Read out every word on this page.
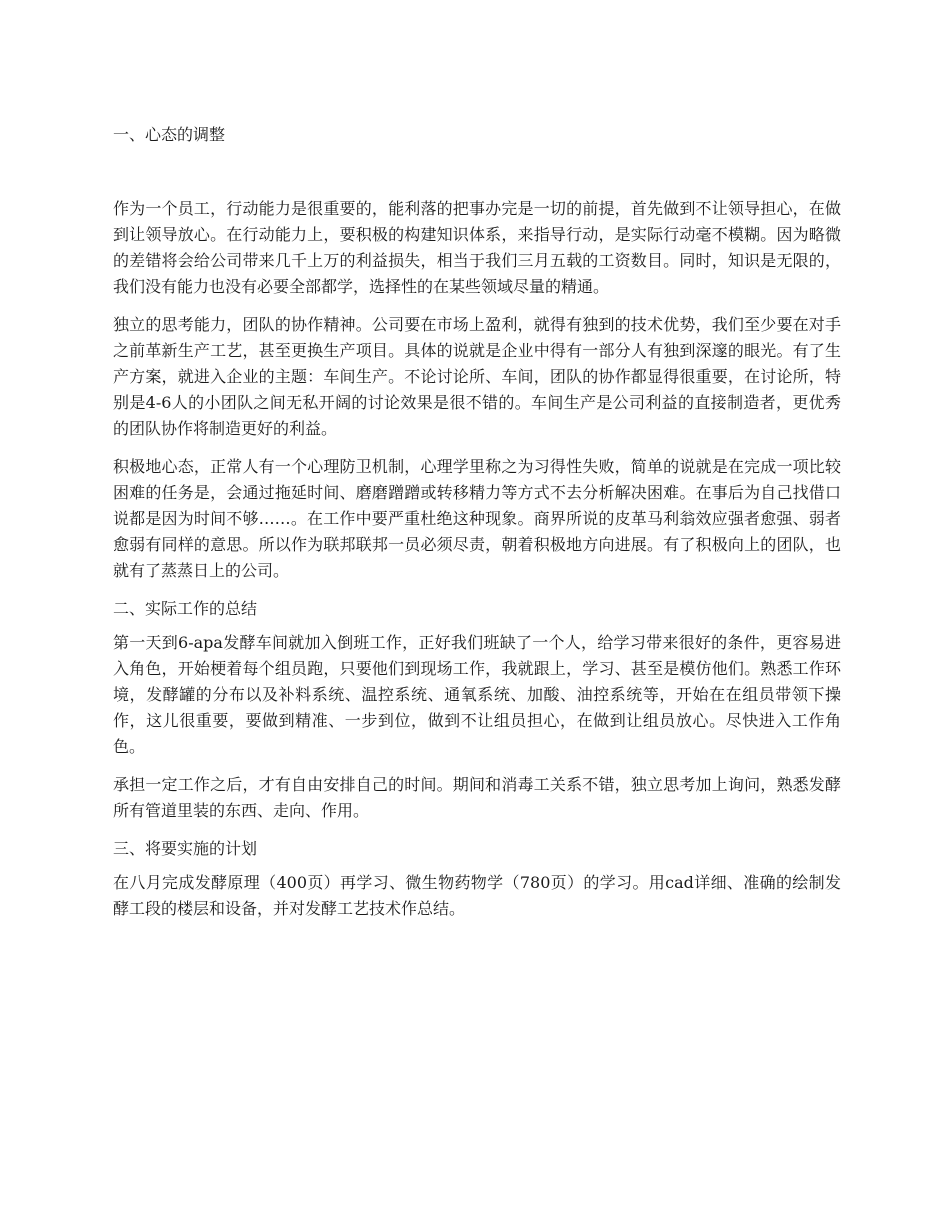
一、心态的调整

作为一个员工，行动能力是很重要的，能利落的把事办完是一切的前提，首先做到不让领导担心，在做到让领导放心。在行动能力上，要积极的构建知识体系，来指导行动，是实际行动毫不模糊。因为略微的差错将会给公司带来几千上万的利益损失，相当于我们三月五载的工资数目。同时，知识是无限的，我们没有能力也没有必要全部都学，选择性的在某些领域尽量的精通。

独立的思考能力，团队的协作精神。公司要在市场上盈利，就得有独到的技术优势，我们至少要在对手之前革新生产工艺，甚至更换生产项目。具体的说就是企业中得有一部分人有独到深邃的眼光。有了生产方案，就进入企业的主题：车间生产。不论讨论所、车间，团队的协作都显得很重要，在讨论所，特别是4-6人的小团队之间无私开阔的讨论效果是很不错的。车间生产是公司利益的直接制造者，更优秀的团队协作将制造更好的利益。

积极地心态，正常人有一个心理防卫机制，心理学里称之为习得性失败，简单的说就是在完成一项比较困难的任务是，会通过拖延时间、磨磨蹭蹭或转移精力等方式不去分析解决困难。在事后为自己找借口说都是因为时间不够……。在工作中要严重杜绝这种现象。商界所说的皮革马利翁效应强者愈强、弱者愈弱有同样的意思。所以作为联邦联邦一员必须尽责，朝着积极地方向进展。有了积极向上的团队，也就有了蒸蒸日上的公司。

二、实际工作的总结

第一天到6-apa发酵车间就加入倒班工作，正好我们班缺了一个人，给学习带来很好的条件，更容易进入角色，开始梗着每个组员跑，只要他们到现场工作，我就跟上，学习、甚至是模仿他们。熟悉工作环境，发酵罐的分布以及补料系统、温控系统、通氧系统、加酸、油控系统等，开始在在组员带领下操作，这儿很重要，要做到精准、一步到位，做到不让组员担心，在做到让组员放心。尽快进入工作角色。

承担一定工作之后，才有自由安排自己的时间。期间和消毒工关系不错，独立思考加上询问，熟悉发酵所有管道里装的东西、走向、作用。

三、将要实施的计划

在八月完成发酵原理（400页）再学习、微生物药物学（780页）的学习。用cad详细、准确的绘制发酵工段的楼层和设备，并对发酵工艺技术作总结。
